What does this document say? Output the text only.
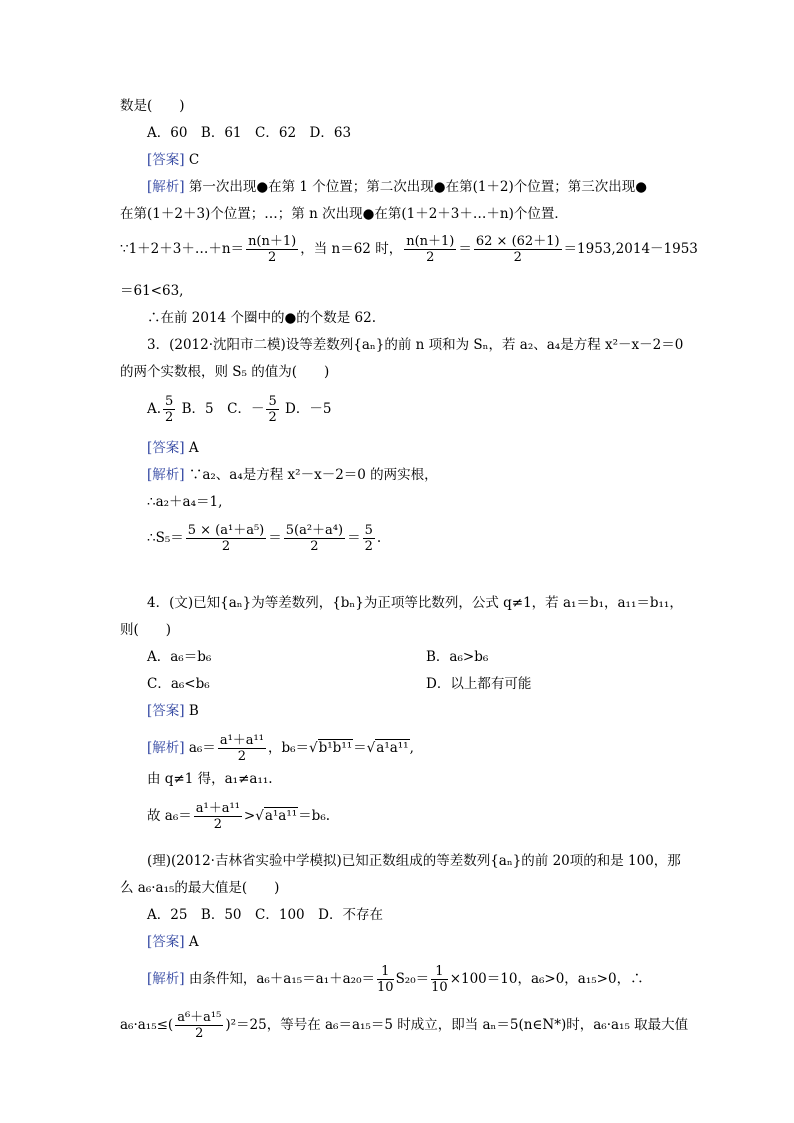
数是(　　)
A．60　B．61　C．62　D．63
[答案] C
[解析] 第一次出现●在第 1 个位置；第二次出现●在第(1＋2)个位置；第三次出现●
在第(1＋2＋3)个位置；…；第 n 次出现●在第(1＋2＋3＋…＋n)个位置．
∵1＋2＋3＋…＋n＝ $\frac{n(n+1)}{2}$ ，当 n＝62 时， $\frac{n(n+1)}{2} = \frac{62 \times (62+1)}{2} =1953,2014-1953$
＝61<63,
∴在前 2014 个圈中的●的个数是 62.
3．(2012·沈阳市二模)设等差数列{aₙ}的前 n 项和为 Sₙ，若 a₂、a₄是方程 x²－x－2＝0
的两个实数根，则 S₅ 的值为(　　)
A. $\frac{5}{2}$ B．5　C．－ $\frac{5}{2}$ D．－5
[答案] A
[解析] ∵a₂、a₄是方程 x²－x－2＝0 的两实根，
∴a₂＋a₄＝1,
∴S₅＝ $\frac{\text{5 × (a¹＋a⁵)}}{2} = \frac{\text{5(a²＋a⁴)}}{2} = \frac{5}{2}$ .
4．(文)已知{aₙ}为等差数列，{bₙ}为正项等比数列，公式 q≠1，若 a₁＝b₁，a₁₁＝b₁₁，
则(　　)
A．a₆＝b₆	B．a₆>b₆
C．a₆<b₆	D．以上都有可能
[答案] B
[解析] $a_6= \frac{\text{a¹＋a¹¹}}{2}$ ，b₆＝√b¹b¹¹＝√a¹a¹¹,
由 q≠1 得，a₁≠a₁₁.
故 $a_6= \frac{\text{a¹＋a¹¹}}{2} >√a^1a^{11}=b_6$.
(理)(2012·吉林省实验中学模拟)已知正数组成的等差数列{aₙ}的前 20项的和是 100，那
么 a₆·a₁₅的最大值是(　　)
A．25　B．50　C．100　D．不存在
[答案] A
[解析] 由条件知，$a_6+a_{15}=a_1+a_{20}= \frac{1}{10} S_{20}= \frac{1}{10} \times 100=10$，a₆>0，a₁₅>0，∴
$a_6\cdot a_{15}\le( \frac{\text{a⁶＋a¹⁵}}{2} )^2=25$，等号在 a₆＝a₁₅＝5 时成立，即当 aₙ＝5(n∈N*)时，a₆·a₁₅ 取最大值
